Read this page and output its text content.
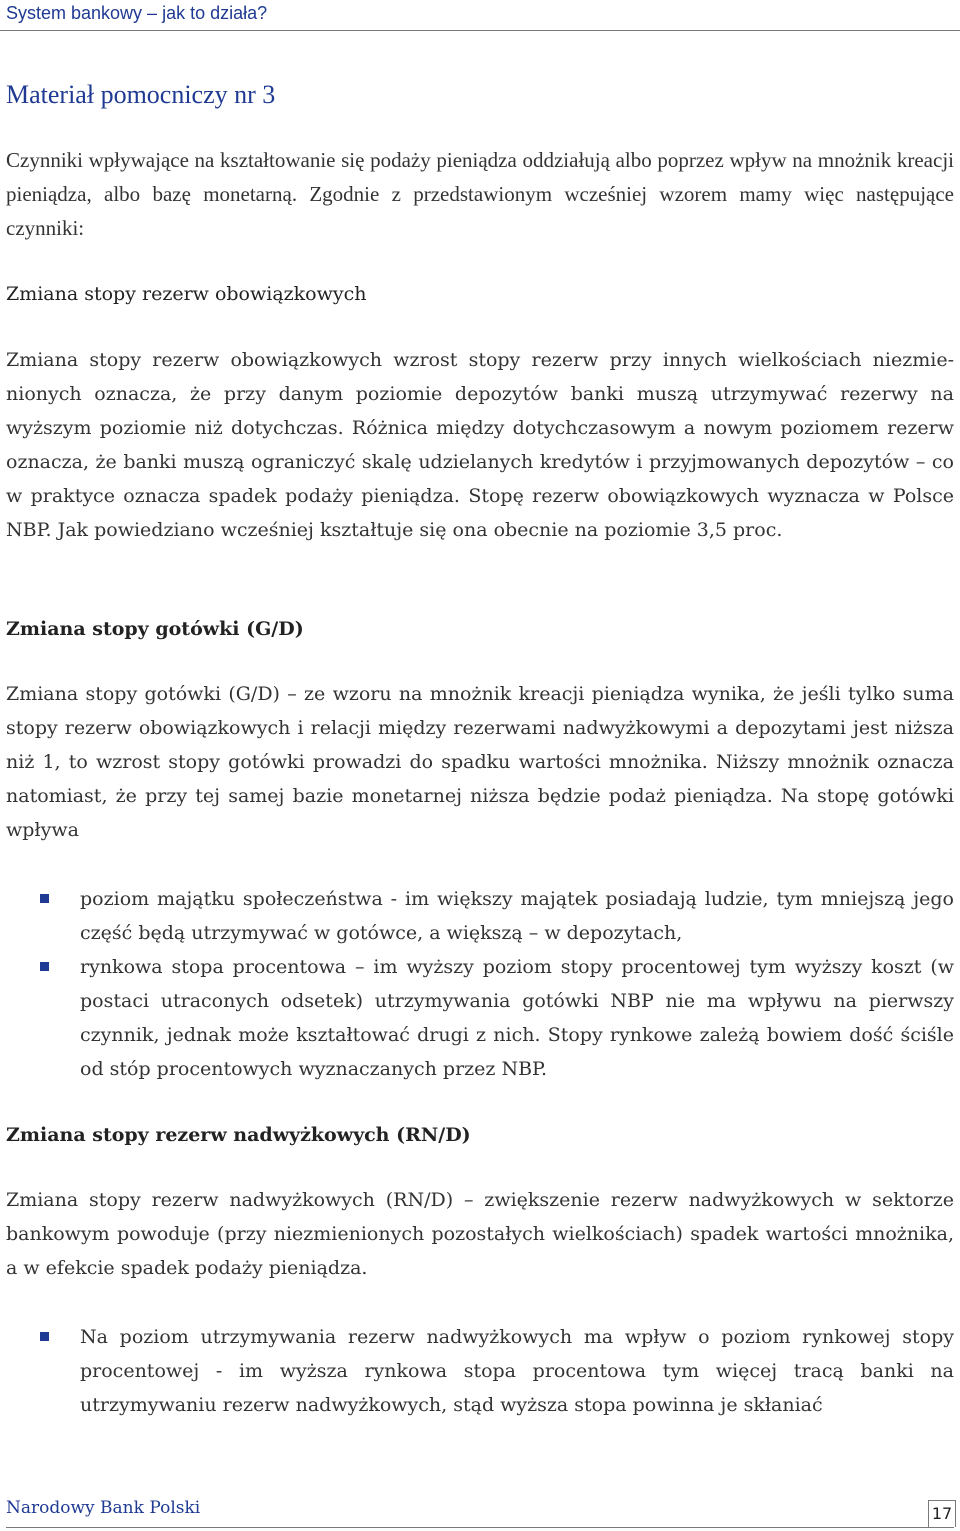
System bankowy – jak to działa?
Materiał pomocniczy nr 3
Czynniki wpływające na kształtowanie się podaży pieniądza oddziałują albo poprzez wpływ na mnożnik kreacji pieniądza, albo bazę monetarną. Zgodnie z przedstawionym wcześniej wzorem mamy więc następujące czynniki:
Zmiana stopy rezerw obowiązkowych
Zmiana stopy rezerw obowiązkowych wzrost stopy rezerw przy innych wielkościach niezmie-
nionych oznacza, że przy danym poziomie depozytów banki muszą utrzymywać rezerwy na wyższym poziomie niż dotychczas. Różnica między dotychczasowym a nowym poziomem rezerw oznacza, że banki muszą ograniczyć skalę udzielanych kredytów i przyjmowanych depozytów – co w praktyce oznacza spadek podaży pieniądza. Stopę rezerw obowiązkowych wyznacza w Polsce NBP. Jak powiedziano wcześniej kształtuje się ona obecnie na poziomie 3,5 proc.
Zmiana stopy gotówki (G/D)
Zmiana stopy gotówki (G/D) – ze wzoru na mnożnik kreacji pieniądza wynika, że jeśli tylko suma stopy rezerw obowiązkowych i relacji między rezerwami nadwyżkowymi a depozytami jest niższa niż 1, to wzrost stopy gotówki prowadzi do spadku wartości mnożnika. Niższy mnożnik oznacza natomiast, że przy tej samej bazie monetarnej niższa będzie podaż pieniądza. Na stopę gotówki wpływa
poziom majątku społeczeństwa - im większy majątek posiadają ludzie, tym mniejszą jego część będą utrzymywać w gotówce, a większą – w depozytach,
rynkowa stopa procentowa – im wyższy poziom stopy procentowej tym wyższy koszt (w postaci utraconych odsetek) utrzymywania gotówki NBP nie ma wpływu na pierwszy czynnik, jednak może kształtować drugi z nich. Stopy rynkowe zależą bowiem dość ściśle od stóp procentowych wyznaczanych przez NBP.
Zmiana stopy rezerw nadwyżkowych (RN/D)
Zmiana stopy rezerw nadwyżkowych (RN/D) – zwiększenie rezerw nadwyżkowych w sektorze bankowym powoduje (przy niezmienionych pozostałych wielkościach) spadek wartości mnożnika, a w efekcie spadek podaży pieniądza.
Na poziom utrzymywania rezerw nadwyżkowych ma wpływ o poziom rynkowej stopy procentowej - im wyższa rynkowa stopa procentowa tym więcej tracą banki na utrzymywaniu rezerw nadwyżkowych, stąd wyższa stopa powinna je skłaniać
Narodowy Bank Polski	17
